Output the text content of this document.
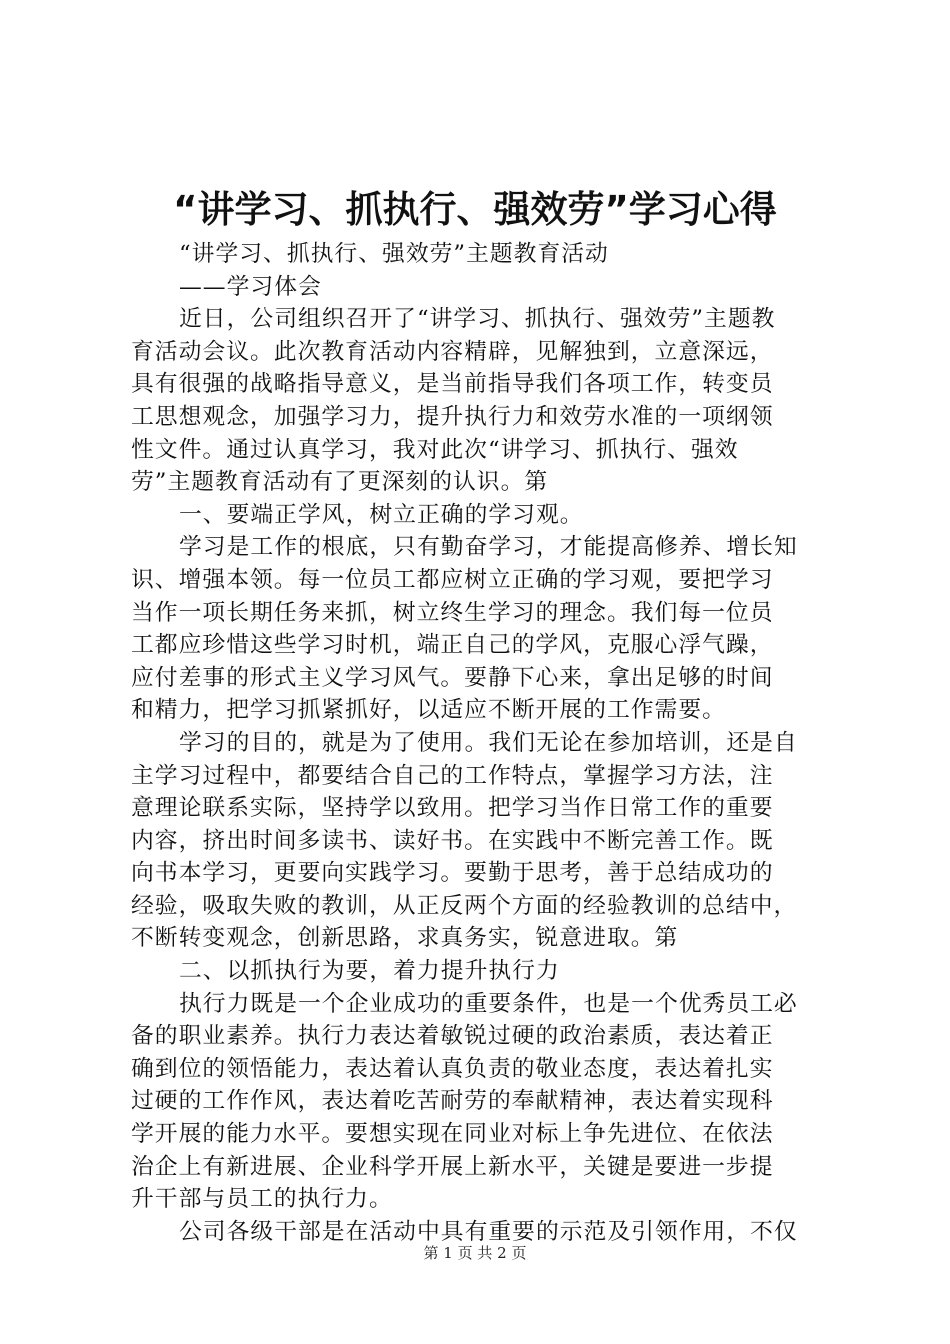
“讲学习、抓执行、强效劳”学习心得
“讲学习、抓执行、强效劳”主题教育活动
——学习体会
近日，公司组织召开了“讲学习、抓执行、强效劳”主题教
育活动会议。此次教育活动内容精辟，见解独到，立意深远，
具有很强的战略指导意义，是当前指导我们各项工作，转变员
工思想观念，加强学习力，提升执行力和效劳水准的一项纲领
性文件。通过认真学习，我对此次“讲学习、抓执行、强效
劳”主题教育活动有了更深刻的认识。第
一、要端正学风，树立正确的学习观。
学习是工作的根底，只有勤奋学习，才能提高修养、增长知
识、增强本领。每一位员工都应树立正确的学习观，要把学习
当作一项长期任务来抓，树立终生学习的理念。我们每一位员
工都应珍惜这些学习时机，端正自己的学风，克服心浮气躁，
应付差事的形式主义学习风气。要静下心来，拿出足够的时间
和精力，把学习抓紧抓好，以适应不断开展的工作需要。
学习的目的，就是为了使用。我们无论在参加培训，还是自
主学习过程中，都要结合自己的工作特点，掌握学习方法，注
意理论联系实际，坚持学以致用。把学习当作日常工作的重要
内容，挤出时间多读书、读好书。在实践中不断完善工作。既
向书本学习，更要向实践学习。要勤于思考，善于总结成功的
经验，吸取失败的教训，从正反两个方面的经验教训的总结中，
不断转变观念，创新思路，求真务实，锐意进取。第
二、以抓执行为要，着力提升执行力
执行力既是一个企业成功的重要条件，也是一个优秀员工必
备的职业素养。执行力表达着敏锐过硬的政治素质，表达着正
确到位的领悟能力，表达着认真负责的敬业态度，表达着扎实
过硬的工作作风，表达着吃苦耐劳的奉献精神，表达着实现科
学开展的能力水平。要想实现在同业对标上争先进位、在依法
治企上有新进展、企业科学开展上新水平，关键是要进一步提
升干部与员工的执行力。
公司各级干部是在活动中具有重要的示范及引领作用，不仅
第 1 页 共 2 页
